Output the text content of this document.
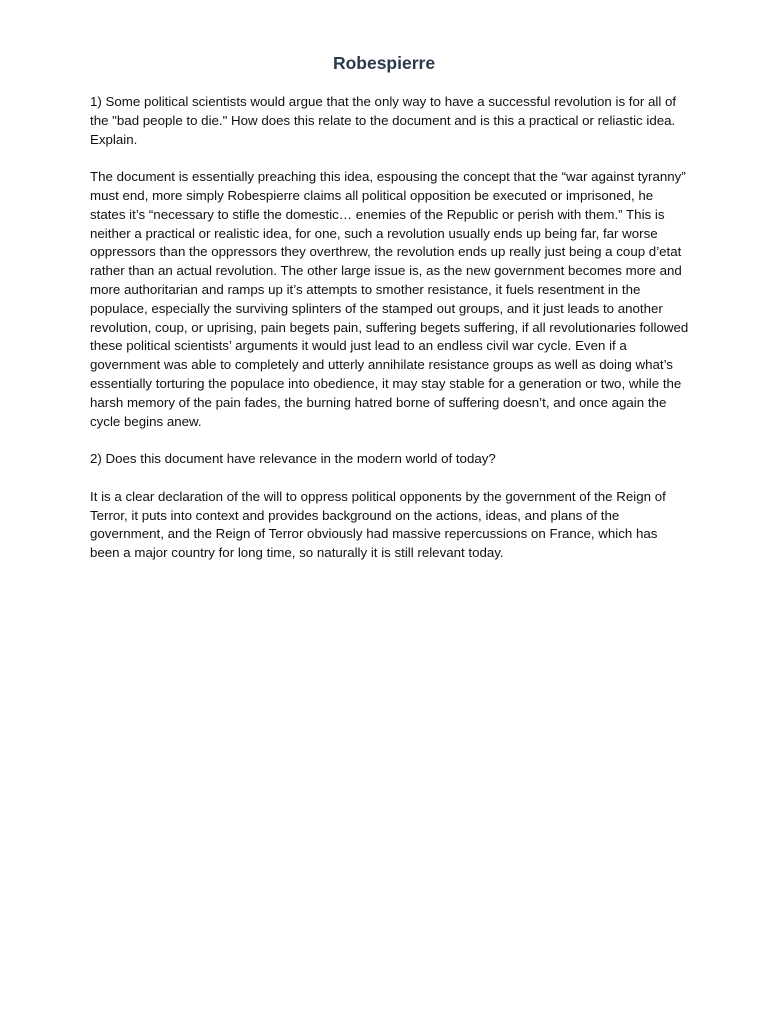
Robespierre

1) Some political scientists would argue that the only way to have a successful revolution is for all of the "bad people to die." How does this relate to the document and is this a practical or reliastic idea. Explain.

The document is essentially preaching this idea, espousing the concept that the “war against tyranny” must end, more simply Robespierre claims all political opposition be executed or imprisoned, he states it’s “necessary to stifle the domestic… enemies of the Republic or perish with them.” This is neither a practical or realistic idea, for one, such a revolution usually ends up being far, far worse oppressors than the oppressors they overthrew, the revolution ends up really just being a coup d’etat rather than an actual revolution. The other large issue is, as the new government becomes more and more authoritarian and ramps up it’s attempts to smother resistance, it fuels resentment in the populace, especially the surviving splinters of the stamped out groups, and it just leads to another revolution, coup, or uprising, pain begets pain, suffering begets suffering, if all revolutionaries followed these political scientists’ arguments it would just lead to an endless civil war cycle. Even if a government was able to completely and utterly annihilate resistance groups as well as doing what’s essentially torturing the populace into obedience, it may stay stable for a generation or two, while the harsh memory of the pain fades, the burning hatred borne of suffering doesn’t, and once again the cycle begins anew.

2) Does this document have relevance in the modern world of today?

It is a clear declaration of the will to oppress political opponents by the government of the Reign of Terror, it puts into context and provides background on the actions, ideas, and plans of the government, and the Reign of Terror obviously had massive repercussions on France, which has been a major country for long time, so naturally it is still relevant today.
